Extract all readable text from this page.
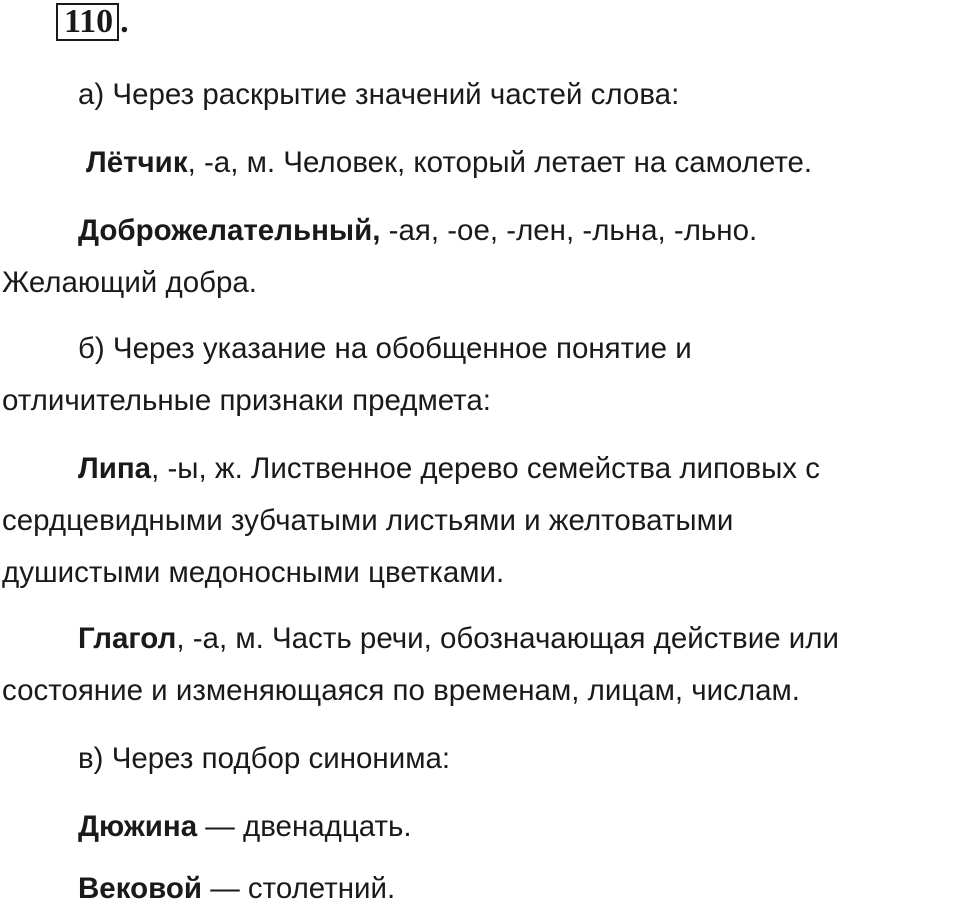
110 .
а) Через раскрытие значений частей слова:
Лётчик, -а, м. Человек, который летает на самолете.
Доброжелательный, -ая, -ое, -лен, -льна, -льно.
Желающий добра.
б) Через указание на обобщенное понятие и
отличительные признаки предмета:
Липа, -ы, ж. Лиственное дерево семейства липовых с
сердцевидными зубчатыми листьями и желтоватыми
душистыми медоносными цветками.
Глагол, -а, м. Часть речи, обозначающая действие или
состояние и изменяющаяся по временам, лицам, числам.
в) Через подбор синонима:
Дюжина — двенадцать.
Вековой — столетний.
